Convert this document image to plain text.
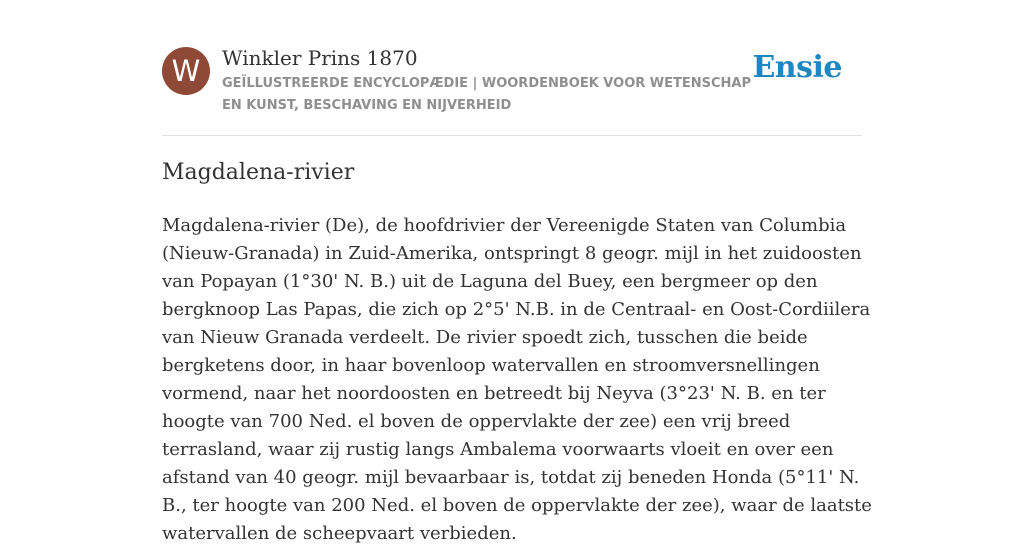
W	Winkler Prins 1870
GEÏLLUSTREERDE ENCYCLOPÆDIE | WOORDENBOEK VOOR WETENSCHAP EN KUNST, BESCHAVING EN NIJVERHEID
Ensie
Magdalena-rivier

Magdalena-rivier (De), de hoofdrivier der Vereenigde Staten van Columbia (Nieuw-Granada) in Zuid-Amerika, ontspringt 8 geogr. mijl in het zuidoosten van Popayan (1°30' N. B.) uit de Laguna del Buey, een bergmeer op den bergknoop Las Papas, die zich op 2°5' N.B. in de Centraal- en Oost-Cordiilera van Nieuw Granada verdeelt. De rivier spoedt zich, tusschen die beide bergketens door, in haar bovenloop watervallen en stroomversnellingen vormend, naar het noordoosten en betreedt bij Neyva (3°23' N. B. en ter hoogte van 700 Ned. el boven de oppervlakte der zee) een vrij breed terrasland, waar zij rustig langs Ambalema voorwaarts vloeit en over een afstand van 40 geogr. mijl bevaarbaar is, totdat zij beneden Honda (5°11' N. B., ter hoogte van 200 Ned. el boven de oppervlakte der zee), waar de laatste watervallen de scheepvaart verbieden.
